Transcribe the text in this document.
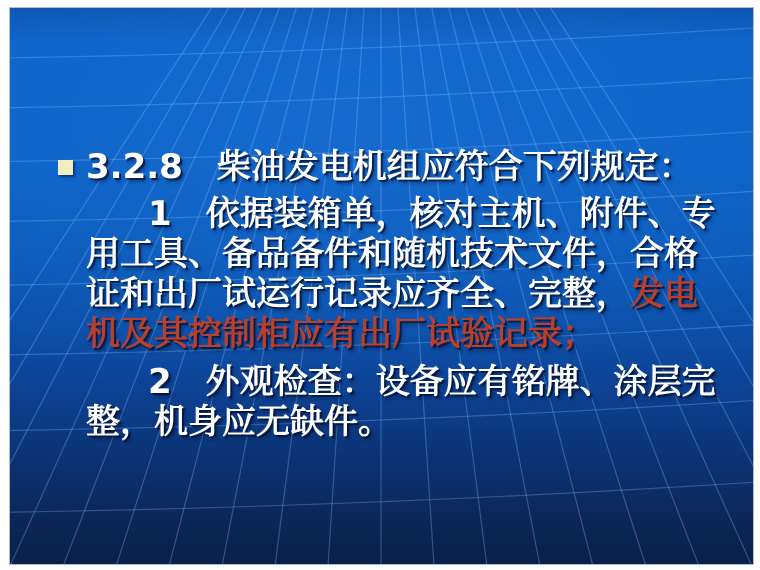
3.2.8　柴油发电机组应符合下列规定：
1　依据装箱单，核对主机、附件、专
用工具、备品备件和随机技术文件，合格
证和出厂试运行记录应齐全、完整，发电
机及其控制柜应有出厂试验记录；
2　外观检查：设备应有铭牌、涂层完
整，机身应无缺件。
